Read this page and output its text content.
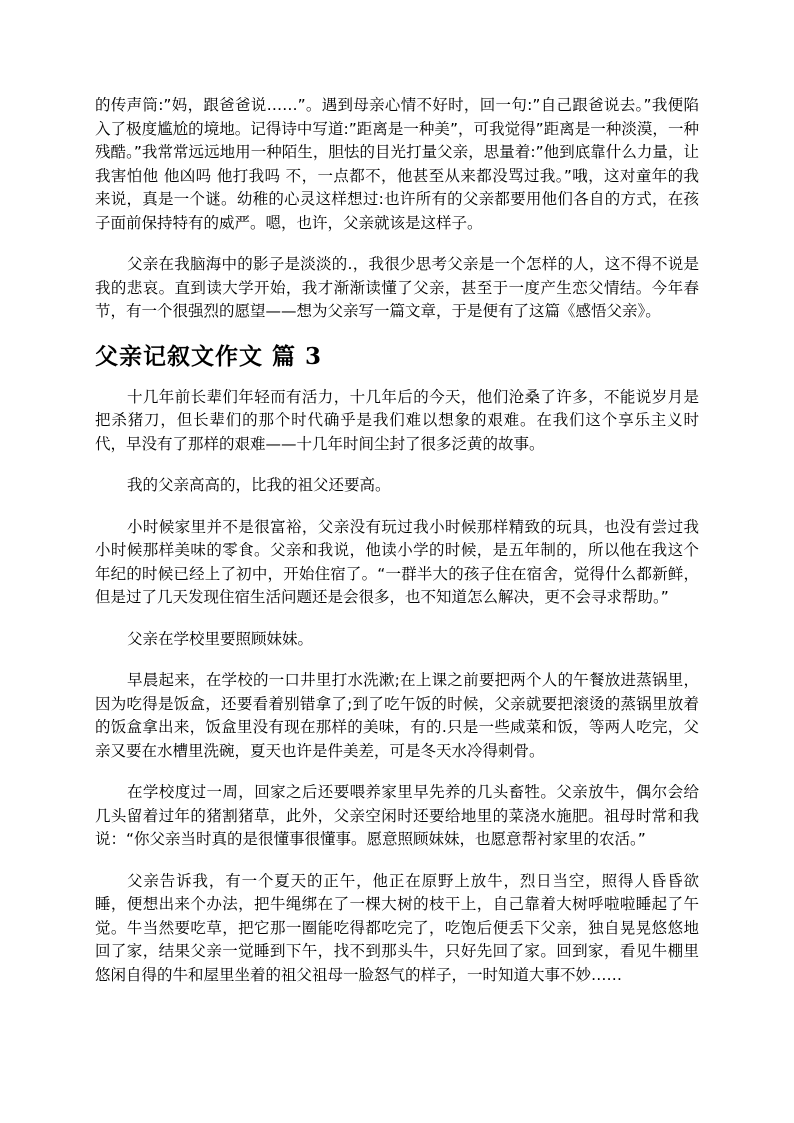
的传声筒:”妈，跟爸爸说……”。遇到母亲心情不好时，回一句:”自己跟爸说去。”我便陷入了极度尴尬的境地。记得诗中写道:”距离是一种美”，可我觉得”距离是一种淡漠，一种残酷。”我常常远远地用一种陌生，胆怯的目光打量父亲，思量着:”他到底靠什么力量，让我害怕他 他凶吗 他打我吗 不，一点都不，他甚至从来都没骂过我。”哦，这对童年的我来说，真是一个谜。幼稚的心灵这样想过:也许所有的父亲都要用他们各自的方式，在孩子面前保持特有的威严。嗯，也许，父亲就该是这样子。

父亲在我脑海中的影子是淡淡的.，我很少思考父亲是一个怎样的人，这不得不说是我的悲哀。直到读大学开始，我才渐渐读懂了父亲，甚至于一度产生恋父情结。今年春节，有一个很强烈的愿望——想为父亲写一篇文章，于是便有了这篇《感悟父亲》。

父亲记叙文作文 篇 3

十几年前长辈们年轻而有活力，十几年后的今天，他们沧桑了许多，不能说岁月是把杀猪刀，但长辈们的那个时代确乎是我们难以想象的艰难。在我们这个享乐主义时代，早没有了那样的艰难——十几年时间尘封了很多泛黄的故事。

我的父亲高高的，比我的祖父还要高。

小时候家里并不是很富裕，父亲没有玩过我小时候那样精致的玩具，也没有尝过我小时候那样美味的零食。父亲和我说，他读小学的时候，是五年制的，所以他在我这个年纪的时候已经上了初中，开始住宿了。“一群半大的孩子住在宿舍，觉得什么都新鲜，但是过了几天发现住宿生活问题还是会很多，也不知道怎么解决，更不会寻求帮助。”

父亲在学校里要照顾妹妹。

早晨起来，在学校的一口井里打水洗漱;在上课之前要把两个人的午餐放进蒸锅里，因为吃得是饭盒，还要看着别错拿了;到了吃午饭的时候，父亲就要把滚烫的蒸锅里放着的饭盒拿出来，饭盒里没有现在那样的美味，有的.只是一些咸菜和饭，等两人吃完，父亲又要在水槽里洗碗，夏天也许是件美差，可是冬天水冷得刺骨。

在学校度过一周，回家之后还要喂养家里早先养的几头畜牲。父亲放牛，偶尔会给几头留着过年的猪割猪草，此外，父亲空闲时还要给地里的菜浇水施肥。祖母时常和我说：“你父亲当时真的是很懂事很懂事。愿意照顾妹妹，也愿意帮衬家里的农活。”

父亲告诉我，有一个夏天的正午，他正在原野上放牛，烈日当空，照得人昏昏欲睡，便想出来个办法，把牛绳绑在了一棵大树的枝干上，自己靠着大树呼啦啦睡起了午觉。牛当然要吃草，把它那一圈能吃得都吃完了，吃饱后便丢下父亲，独自晃晃悠悠地回了家，结果父亲一觉睡到下午，找不到那头牛，只好先回了家。回到家，看见牛棚里悠闲自得的牛和屋里坐着的祖父祖母一脸怒气的样子，一时知道大事不妙……
